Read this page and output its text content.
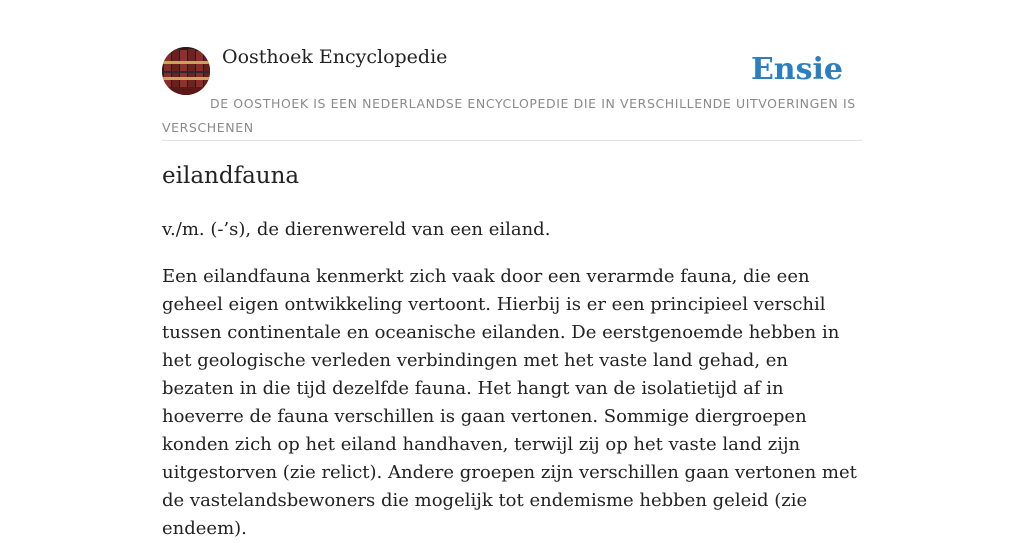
Oosthoek Encyclopedie	Ensie
DE OOSTHOEK IS EEN NEDERLANDSE ENCYCLOPEDIE DIE IN VERSCHILLENDE UITVOERINGEN IS VERSCHENEN
eilandfauna

v./m. (-’s), de dierenwereld van een eiland.

Een eilandfauna kenmerkt zich vaak door een verarmde fauna, die een geheel eigen ontwikkeling vertoont. Hierbij is er een principieel verschil tussen continentale en oceanische eilanden. De eerstgenoemde hebben in het geologische verleden verbindingen met het vaste land gehad, en bezaten in die tijd dezelfde fauna. Het hangt van de isolatietijd af in hoeverre de fauna verschillen is gaan vertonen. Sommige diergroepen konden zich op het eiland handhaven, terwijl zij op het vaste land zijn uitgestorven (zie relict). Andere groepen zijn verschillen gaan vertonen met de vastelandsbewoners die mogelijk tot endemisme hebben geleid (zie endeem).
